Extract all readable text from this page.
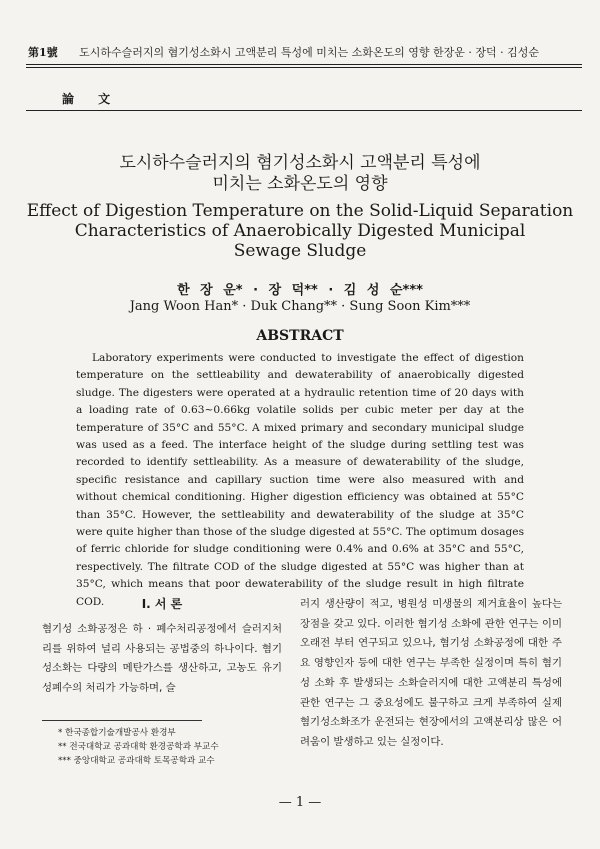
第1號 도시하수슬러지의 혐기성소화시 고액분리 특성에 미치는 소화온도의 영향 한장운 · 장덕 · 김성순
論 文
도시하수슬러지의 혐기성소화시 고액분리 특성에
미치는 소화온도의 영향
Effect of Digestion Temperature on the Solid-Liquid Separation
Characteristics of Anaerobically Digested Municipal
Sewage Sludge
한 장 운* · 장 덕** · 김 성 순***
Jang Woon Han* · Duk Chang** · Sung Soon Kim***
ABSTRACT
Laboratory experiments were conducted to investigate the effect of digestion temperature on the settleability and dewaterability of anaerobically digested sludge. The digesters were operated at a hydraulic retention time of 20 days with a loading rate of 0.63~0.66kg volatile solids per cubic meter per day at the temperature of 35°C and 55°C. A mixed primary and secondary municipal sludge was used as a feed. The interface height of the sludge during settling test was recorded to identify settleability. As a measure of dewaterability of the sludge, specific resistance and capillary suction time were also measured with and without chemical conditioning. Higher digestion efficiency was obtained at 55°C than 35°C. However, the settleability and dewaterability of the sludge at 35°C were quite higher than those of the sludge digested at 55°C. The optimum dosages of ferric chloride for sludge conditioning were 0.4% and 0.6% at 35°C and 55°C, respectively. The filtrate COD of the sludge digested at 55°C was higher than at 35°C, which means that poor dewaterability of the sludge result in high filtrate COD.	I. 서 론
혐기성 소화공정은 하 · 폐수처리공정에서 슬러지처리를 위하여 널리 사용되는 공법중의 하나이다. 혐기성소화는 다량의 메탄가스를 생산하고, 고농도 유기성폐수의 처리가 가능하며, 슬
러지 생산량이 적고, 병원성 미생물의 제거효율이 높다는 장점을 갖고 있다. 이러한 혐기성 소화에 관한 연구는 이미 오래전 부터 연구되고 있으나, 혐기성 소화공정에 대한 주요 영향인자 등에 대한 연구는 부족한 실정이며 특히 혐기성 소화 후 발생되는 소화슬러지에 대한 고액분리 특성에 관한 연구는 그 중요성에도 불구하고 크게 부족하여 실제 혐기성소화조가 운전되는 현장에서의 고액분리상 많은 어려움이 발생하고 있는 실정이다.
* 한국종합기술개발공사 환경부
** 전국대학교 공과대학 환경공학과 부교수
*** 중앙대학교 공과대학 토목공학과 교수
— 1 —
